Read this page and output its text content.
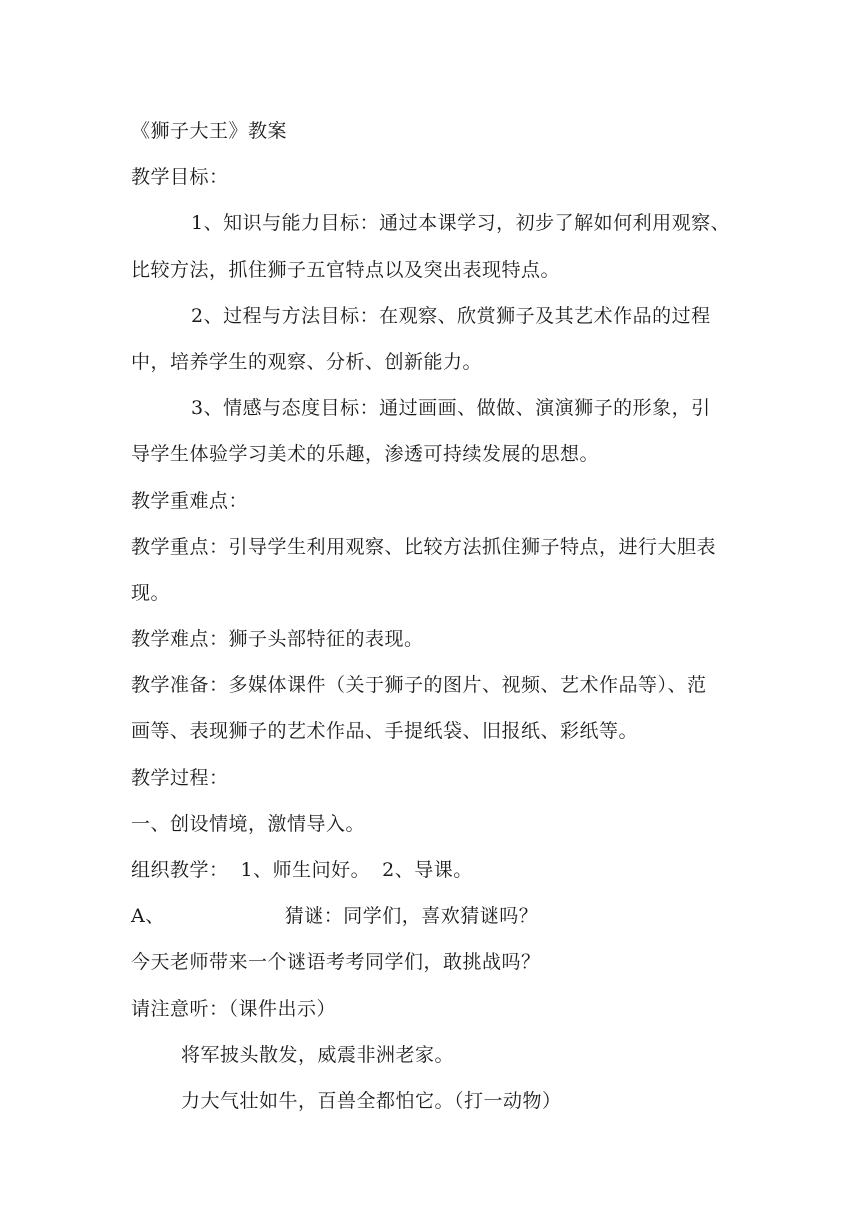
《狮子大王》教案
教学目标：
1、知识与能力目标：通过本课学习，初步了解如何利用观察、
比较方法，抓住狮子五官特点以及突出表现特点。
2、过程与方法目标：在观察、欣赏狮子及其艺术作品的过程
中，培养学生的观察、分析、创新能力。
3、情感与态度目标：通过画画、做做、演演狮子的形象，引
导学生体验学习美术的乐趣，渗透可持续发展的思想。
教学重难点：
教学重点：引导学生利用观察、比较方法抓住狮子特点，进行大胆表
现。
教学难点：狮子头部特征的表现。
教学准备：多媒体课件（关于狮子的图片、视频、艺术作品等）、范
画等、表现狮子的艺术作品、手提纸袋、旧报纸、彩纸等。
教学过程：
一、创设情境，激情导入。
组织教学： 1、师生问好。 2、导课。
A、	猜谜：同学们，喜欢猜谜吗？
今天老师带来一个谜语考考同学们，敢挑战吗？
请注意听：（课件出示）
将军披头散发，威震非洲老家。
力大气壮如牛，百兽全都怕它。（打一动物）
